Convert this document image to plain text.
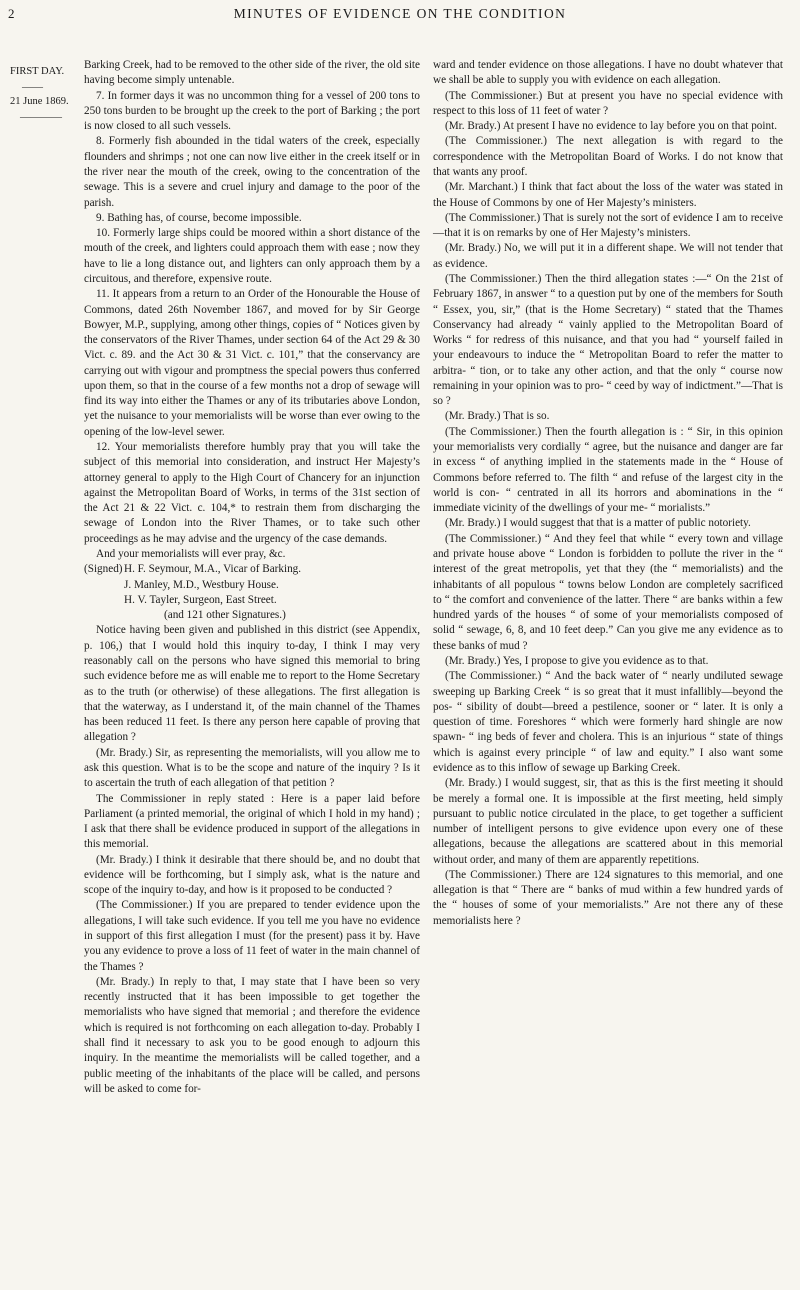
2	MINUTES OF EVIDENCE ON THE CONDITION
FIRST DAY.
——
21 June 1869.
————

Barking Creek, had to be removed to the other side of the river, the old site having become simply untenable.

7. In former days it was no uncommon thing for a vessel of 200 tons to 250 tons burden to be brought up the creek to the port of Barking ; the port is now closed to all such vessels.

8. Formerly fish abounded in the tidal waters of the creek, especially flounders and shrimps ; not one can now live either in the creek itself or in the river near the mouth of the creek, owing to the concentration of the sewage. This is a severe and cruel injury and damage to the poor of the parish.

9. Bathing has, of course, become impossible.

10. Formerly large ships could be moored within a short distance of the mouth of the creek, and lighters could approach them with ease ; now they have to lie a long distance out, and lighters can only approach them by a circuitous, and therefore, expensive route.

11. It appears from a return to an Order of the Honourable the House of Commons, dated 26th November 1867, and moved for by Sir George Bowyer, M.P., supplying, among other things, copies of “ Notices given by the conservators of the River Thames, under section 64 of the Act 29 & 30 Vict. c. 89. and the Act 30 & 31 Vict. c. 101,” that the conservancy are carrying out with vigour and promptness the special powers thus conferred upon them, so that in the course of a few months not a drop of sewage will find its way into either the Thames or any of its tributaries above London, yet the nuisance to your memorialists will be worse than ever owing to the opening of the low-level sewer.

12. Your memorialists therefore humbly pray that you will take the subject of this memorial into consideration, and instruct Her Majesty’s attorney general to apply to the High Court of Chancery for an injunction against the Metropolitan Board of Works, in terms of the 31st section of the Act 21 & 22 Vict. c. 104,* to restrain them from discharging the sewage of London into the River Thames, or to take such other proceedings as he may advise and the urgency of the case demands.

And your memorialists will ever pray, &c.

(Signed) H. F. Seymour, M.A., Vicar of Barking.
J. Manley, M.D., Westbury House.
H. V. Tayler, Surgeon, East Street.
(and 121 other Signatures.)

Notice having been given and published in this district (see Appendix, p. 106,) that I would hold this inquiry to-day, I think I may very reasonably call on the persons who have signed this memorial to bring such evidence before me as will enable me to report to the Home Secretary as to the truth (or otherwise) of these allegations. The first allegation is that the waterway, as I understand it, of the main channel of the Thames has been reduced 11 feet. Is there any person here capable of proving that allegation ?

(Mr. Brady.) Sir, as representing the memorialists, will you allow me to ask this question. What is to be the scope and nature of the inquiry ? Is it to ascertain the truth of each allegation of that petition ?

The Commissioner in reply stated : Here is a paper laid before Parliament (a printed memorial, the original of which I hold in my hand) ; I ask that there shall be evidence produced in support of the allegations in this memorial.

(Mr. Brady.) I think it desirable that there should be, and no doubt that evidence will be forthcoming, but I simply ask, what is the nature and scope of the inquiry to-day, and how is it proposed to be conducted ?

(The Commissioner.) If you are prepared to tender evidence upon the allegations, I will take such evidence. If you tell me you have no evidence in support of this first allegation I must (for the present) pass it by. Have you any evidence to prove a loss of 11 feet of water in the main channel of the Thames ?

(Mr. Brady.) In reply to that, I may state that I have been so very recently instructed that it has been impossible to get together the memorialists who have signed that memorial ; and therefore the evidence which is required is not forthcoming on each allegation to-day. Probably I shall find it necessary to ask you to be good enough to adjourn this inquiry. In the meantime the memorialists will be called together, and a public meeting of the inhabitants of the place will be called, and persons will be asked to come for-

ward and tender evidence on those allegations. I have no doubt whatever that we shall be able to supply you with evidence on each allegation.

(The Commissioner.) But at present you have no special evidence with respect to this loss of 11 feet of water ?

(Mr. Brady.) At present I have no evidence to lay before you on that point.

(The Commissioner.) The next allegation is with regard to the correspondence with the Metropolitan Board of Works. I do not know that that wants any proof.

(Mr. Marchant.) I think that fact about the loss of the water was stated in the House of Commons by one of Her Majesty’s ministers.

(The Commissioner.) That is surely not the sort of evidence I am to receive—that it is on remarks by one of Her Majesty’s ministers.

(Mr. Brady.) No, we will put it in a different shape. We will not tender that as evidence.

(The Commissioner.) Then the third allegation states :—“ On the 21st of February 1867, in answer “ to a question put by one of the members for South “ Essex, you, sir,” (that is the Home Secretary) “ stated that the Thames Conservancy had already “ vainly applied to the Metropolitan Board of Works “ for redress of this nuisance, and that you had “ yourself failed in your endeavours to induce the “ Metropolitan Board to refer the matter to arbitra- “ tion, or to take any other action, and that the only “ course now remaining in your opinion was to pro- “ ceed by way of indictment.”—That is so ?

(Mr. Brady.) That is so.

(The Commissioner.) Then the fourth allegation is : “ Sir, in this opinion your memorialists very cordially “ agree, but the nuisance and danger are far in excess “ of anything implied in the statements made in the “ House of Commons before referred to. The filth “ and refuse of the largest city in the world is con- “ centrated in all its horrors and abominations in the “ immediate vicinity of the dwellings of your me- “ morialists.”

(Mr. Brady.) I would suggest that that is a matter of public notoriety.

(The Commissioner.) “ And they feel that while “ every town and village and private house above “ London is forbidden to pollute the river in the “ interest of the great metropolis, yet that they (the “ memorialists) and the inhabitants of all populous “ towns below London are completely sacrificed to “ the comfort and convenience of the latter. There “ are banks within a few hundred yards of the houses “ of some of your memorialists composed of solid “ sewage, 6, 8, and 10 feet deep.” Can you give me any evidence as to these banks of mud ?

(Mr. Brady.) Yes, I propose to give you evidence as to that.

(The Commissioner.) “ And the back water of “ nearly undiluted sewage sweeping up Barking Creek “ is so great that it must infallibly—beyond the pos- “ sibility of doubt—breed a pestilence, sooner or “ later. It is only a question of time. Foreshores “ which were formerly hard shingle are now spawn- “ ing beds of fever and cholera. This is an injurious “ state of things which is against every principle “ of law and equity.” I also want some evidence as to this inflow of sewage up Barking Creek.

(Mr. Brady.) I would suggest, sir, that as this is the first meeting it should be merely a formal one. It is impossible at the first meeting, held simply pursuant to public notice circulated in the place, to get together a sufficient number of intelligent persons to give evidence upon every one of these allegations, because the allegations are scattered about in this memorial without order, and many of them are apparently repetitions.

(The Commissioner.) There are 124 signatures to this memorial, and one allegation is that “ There are “ banks of mud within a few hundred yards of the “ houses of some of your memorialists.” Are not there any of these memorialists here ?
